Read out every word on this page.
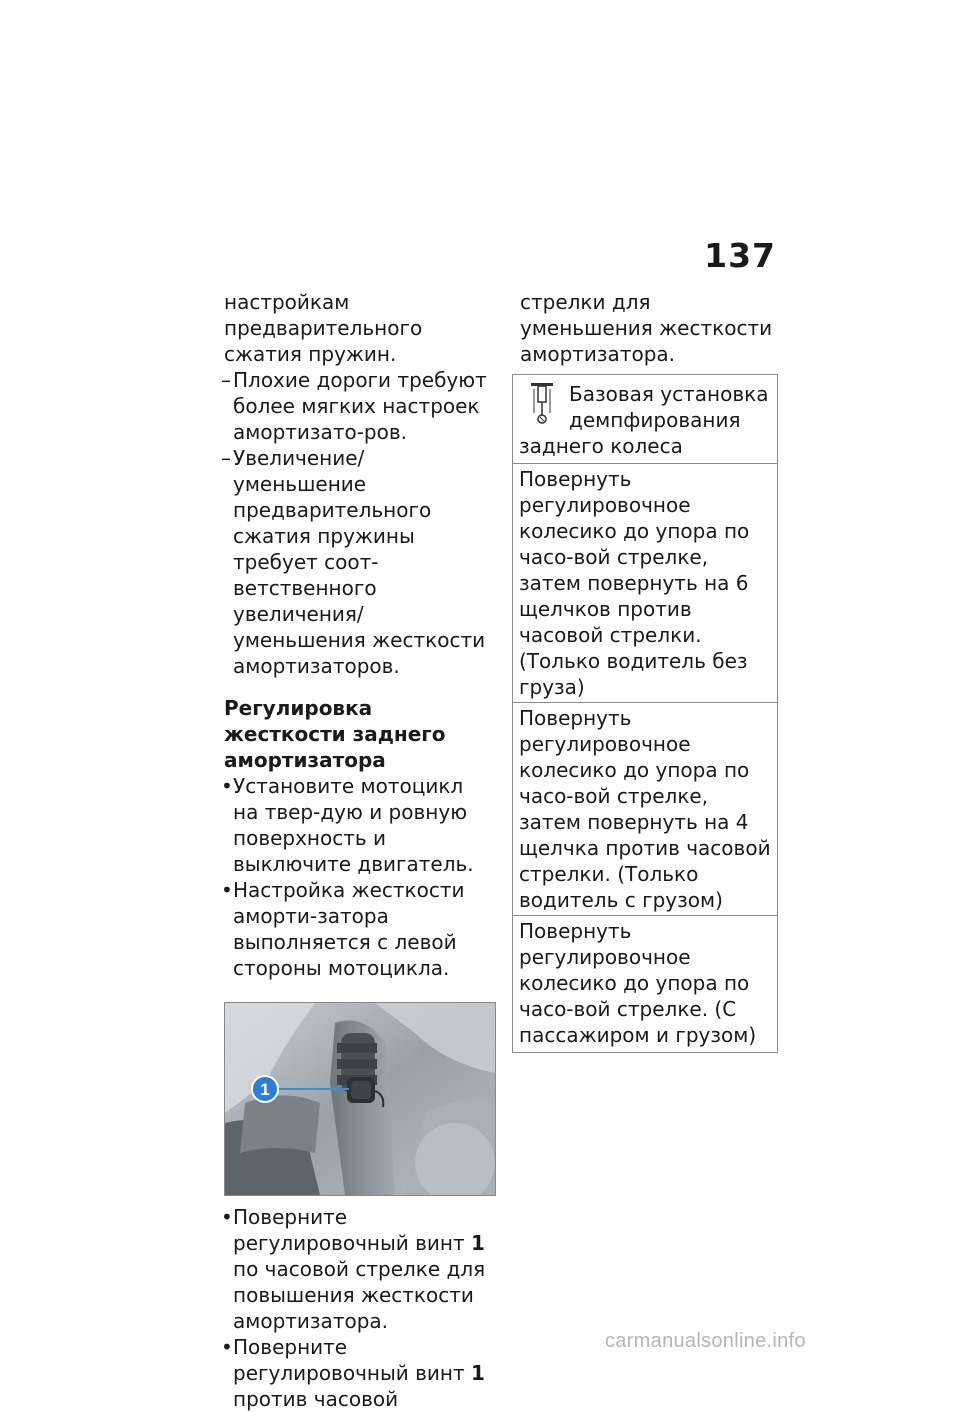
137

настройкам предварительного сжатия пружин.

– Плохие дороги требуют более мягких настроек амортизато-ров.
– Увеличение/уменьшение предварительного сжатия пружины требует соот-ветственного увеличения/уменьшения жесткости амортизаторов.
Регулировка жесткости заднего амортизатора
• Установите мотоцикл на твер-дую и ровную поверхность и выключите двигатель.
• Настройка жесткости аморти-затора выполняется с левой стороны мотоцикла.
1
• Поверните регулировочный винт 1 по часовой стрелке для повышения жесткости амортизатора.
• Поверните регулировочный винт 1 против часовой

стрелки для уменьшения жесткости амортизатора.

Базовая установка демпфирования заднего колеса
Повернуть регулировочное колесико до упора по часо-вой стрелке, затем повернуть на 6 щелчков против часовой стрелки. (Только водитель без груза)
Повернуть регулировочное колесико до упора по часо-вой стрелке, затем повернуть на 4 щелчка против часовой стрелки. (Только водитель с грузом)
Повернуть регулировочное колесико до упора по часо-вой стрелке. (С пассажиром и грузом)
carmanualsonline.info
